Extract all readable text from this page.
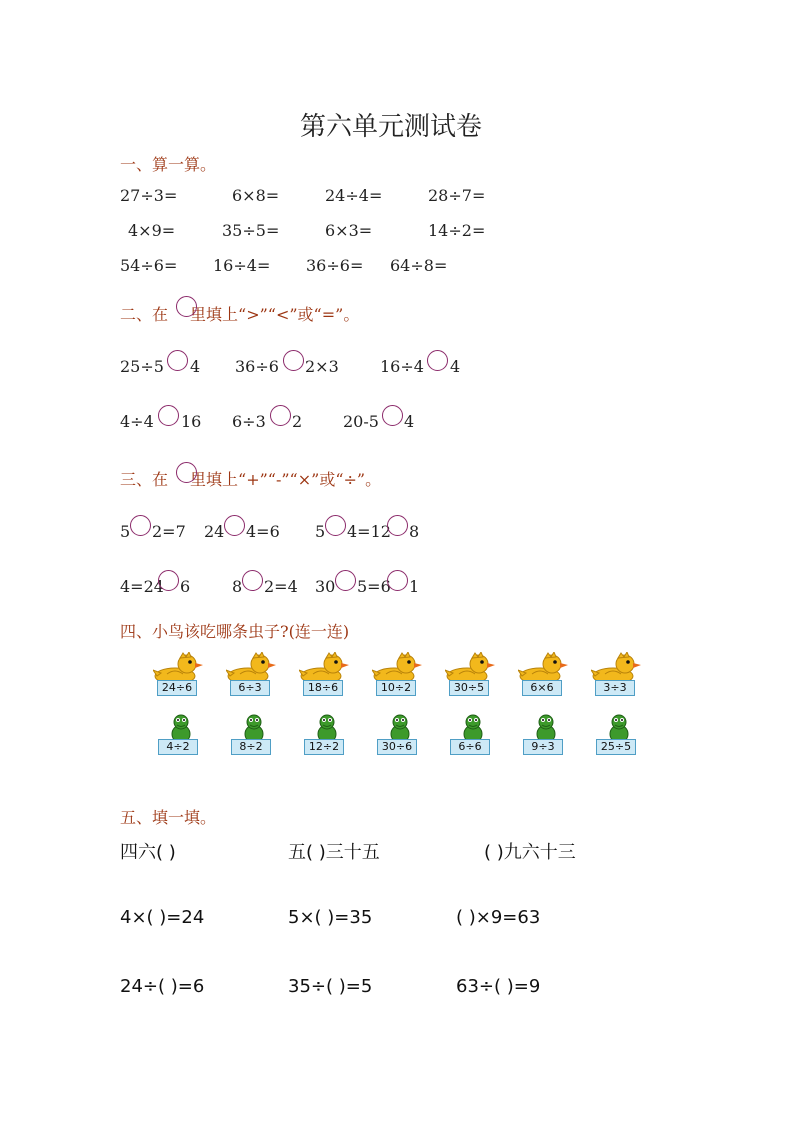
第六单元测试卷
一、算一算。
27÷3=	6×8=	24÷4=	28÷7=
4×9=	35÷5=	6×3=	14÷2=
54÷6= 16÷4= 36÷6= 64÷8=
二、在 里填上“>”“<”或“=”。
25÷5 4 36÷6 2×3	16÷4 4
4÷4 16 6÷3 2	20-5 4
三、在 里填上“+”“-”“×”或“÷”。
5 2=7 24 4=6 5 4=12 8
4=24 6	8 2=4 30 5=6 1
四、小鸟该吃哪条虫子?(连一连)
24÷6	6÷3	18÷6	10÷2	30÷5	6×6	3÷3
4÷2	8÷2	12÷2	30÷6	6÷6	9÷3	25÷5
五、填一填。
四六( )	五( )三十五	( )九六十三
4×( )=24	5×( )=35	( )×9=63
24÷( )=6	35÷( )=5	63÷( )=9
